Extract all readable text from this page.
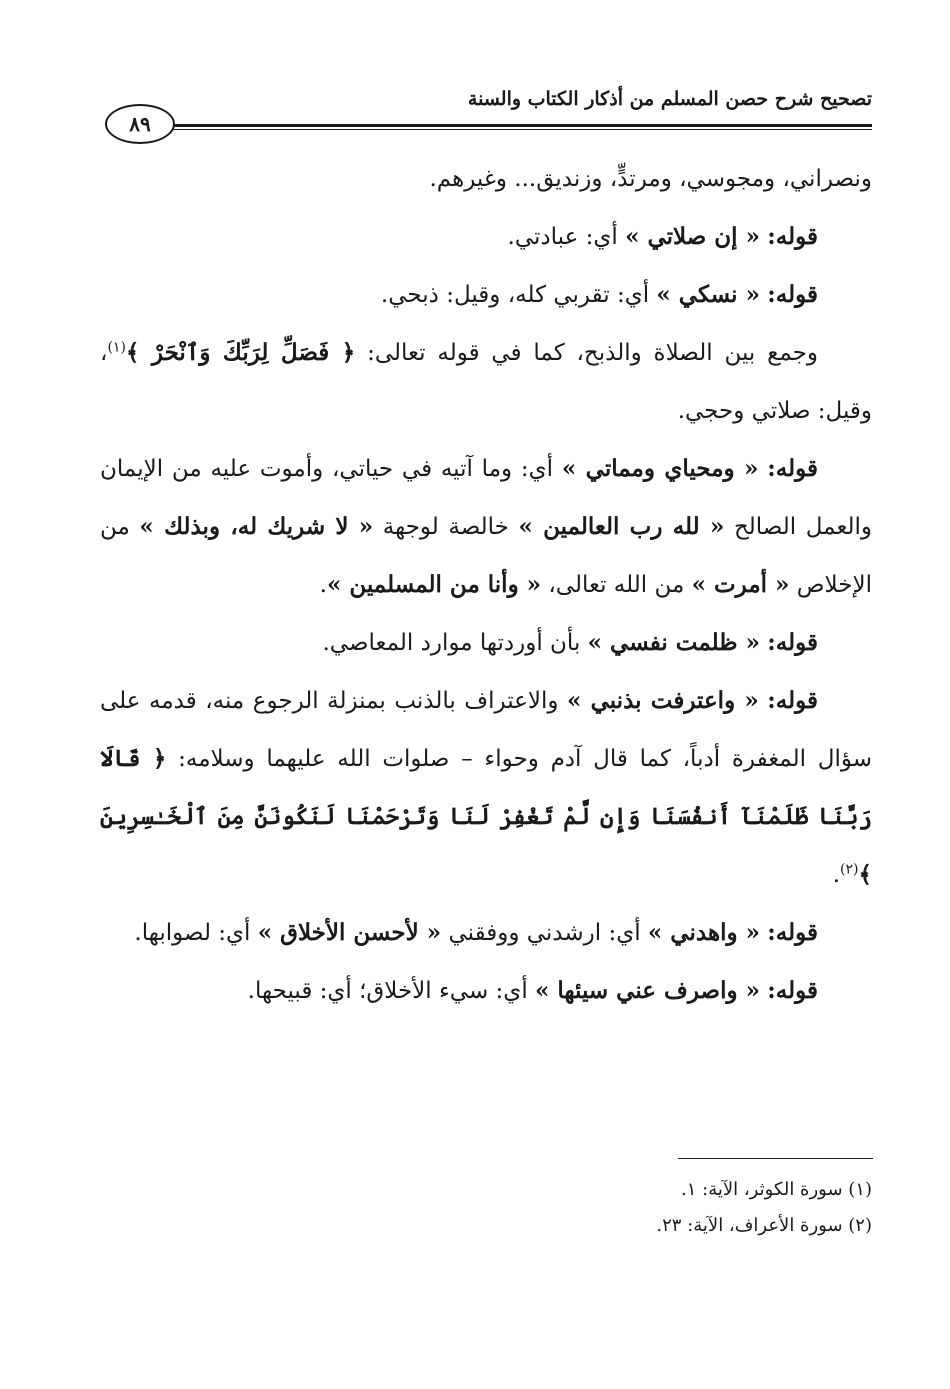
تصحيح شرح حصن المسلم من أذكار الكتاب والسنة
٨٩

ونصراني، ومجوسي، ومرتدٍّ، وزنديق... وغيرهم.

قوله: « إن صلاتي » أي: عبادتي.

قوله: « نسكي » أي: تقربي كله، وقيل: ذبحي.

وجمع بين الصلاة والذبح، كما في قوله تعالى: ﴿ فَصَلِّ لِرَبِّكَ وَٱنْحَرْ ﴾$^{(١)}$، وقيل: صلاتي وحجي.

قوله: « ومحياي ومماتي » أي: وما آتيه في حياتي، وأموت عليه من الإيمان والعمل الصالح « لله رب العالمين » خالصة لوجهة « لا شريك له، وبذلك » من الإخلاص « أمرت » من الله تعالى، « وأنا من المسلمين ».

قوله: « ظلمت نفسي » بأن أوردتها موارد المعاصي.

قوله: « واعترفت بذنبي » والاعتراف بالذنب بمنزلة الرجوع منه، قدمه على سؤال المغفرة أدباً، كما قال آدم وحواء – صلوات الله عليهما وسلامه: ﴿ قَالَا رَبَّنَا ظَلَمْنَآ أَنفُسَنَا وَإِن لَّمْ تَغْفِرْ لَنَا وَتَرْحَمْنَا لَنَكُونَنَّ مِنَ ٱلْخَـٰسِرِينَ ﴾$^{(٢)}$.

قوله: « واهدني » أي: ارشدني ووفقني « لأحسن الأخلاق » أي: لصوابها.

قوله: « واصرف عني سيئها » أي: سيء الأخلاق؛ أي: قبيحها.

(١) سورة الكوثر، الآية: ١.

(٢) سورة الأعراف، الآية: ٢٣.
